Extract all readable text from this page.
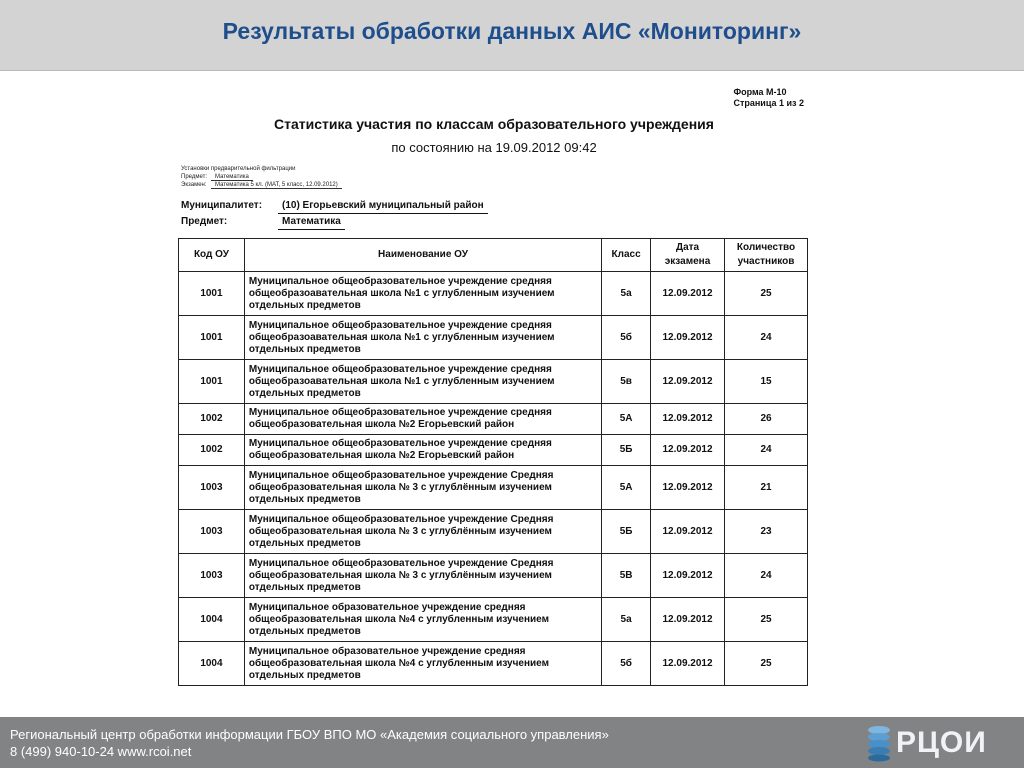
Результаты обработки данных АИС «Мониторинг»
Форма М-10
Страница 1 из 2
Статистика участия по классам образовательного учреждения
по состоянию на 19.09.2012 09:42
Установки предварительной фильтрации
Предмет: Математика
Экзамен: Математика 5 кл. (МАТ, 5 класс, 12.09.2012)
Муниципалитет: (10) Егорьевский муниципальный район
Предмет:	Математика
Код ОУ	Наименование ОУ	Класс	Дата экзамена	Количество участников
1001	Муниципальное общеобразовательное учреждение средняя общеобразоавательная школа №1 с углубленным изучением отдельных предметов	5а	12.09.2012	25
1001	Муниципальное общеобразовательное учреждение средняя общеобразоавательная школа №1 с углубленным изучением отдельных предметов	5б	12.09.2012	24
1001	Муниципальное общеобразовательное учреждение средняя общеобразоавательная школа №1 с углубленным изучением отдельных предметов	5в	12.09.2012	15
1002	Муниципальное общеобразовательное учреждение средняя общеобразовательная школа №2 Егорьевский район	5А	12.09.2012	26
1002	Муниципальное общеобразовательное учреждение средняя общеобразовательная школа №2 Егорьевский район	5Б	12.09.2012	24
1003	Муниципальное общеобразовательное учреждение Средняя общеобразовательная школа № 3 с углублённым изучением отдельных предметов	5А	12.09.2012	21
1003	Муниципальное общеобразовательное учреждение Средняя общеобразовательная школа № 3 с углублённым изучением отдельных предметов	5Б	12.09.2012	23
1003	Муниципальное общеобразовательное учреждение Средняя общеобразовательная школа № 3 с углублённым изучением отдельных предметов	5В	12.09.2012	24
1004	Муниципальное образовательное учреждение средняя общеобразовательная школа №4 с углубленным изучением отдельных предметов	5а	12.09.2012	25
1004	Муниципальное образовательное учреждение средняя общеобразовательная школа №4 с углубленным изучением отдельных предметов	5б	12.09.2012	25
Региональный центр обработки информации ГБОУ ВПО МО «Академия социального управления»
8 (499) 940-10-24 www.rcoi.net	РЦОИ
